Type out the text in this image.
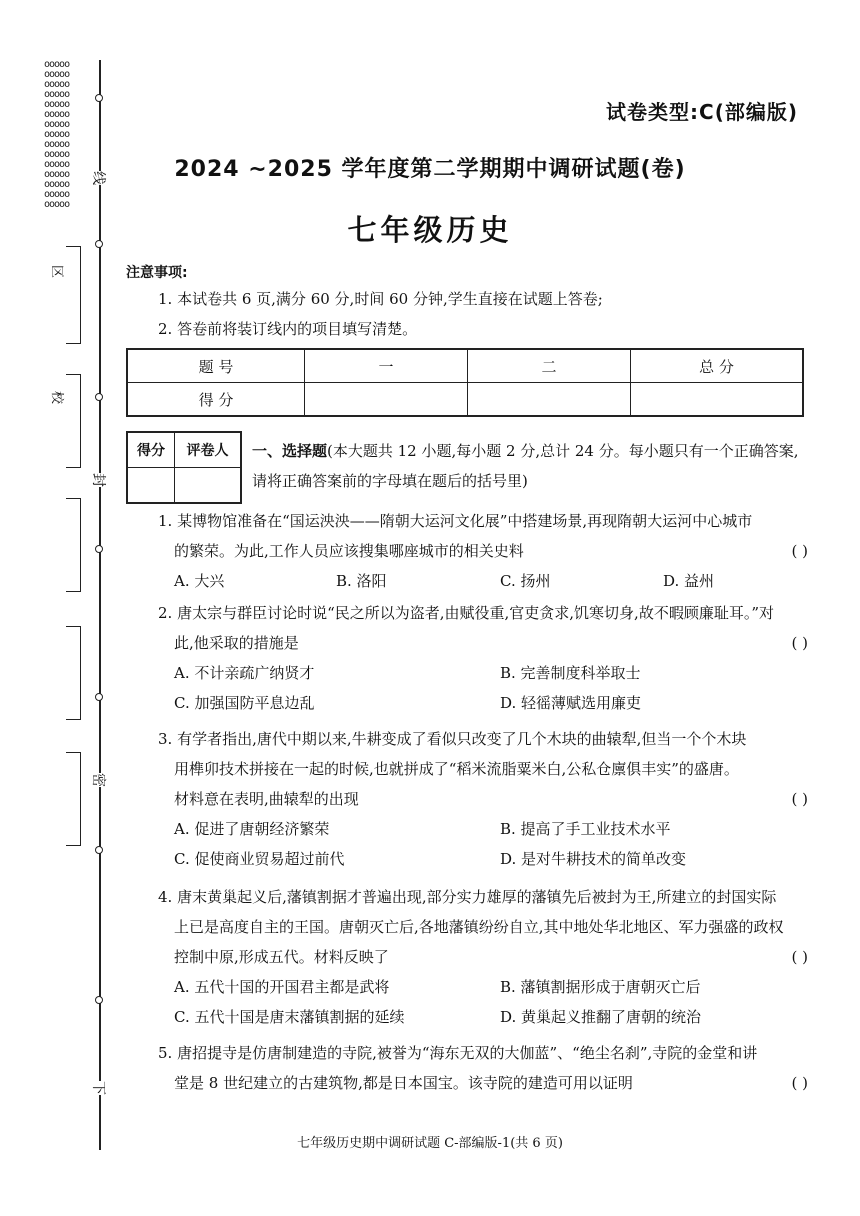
ooooo
ooooo
ooooo
ooooo
ooooo
ooooo
ooooo
ooooo
ooooo
ooooo
ooooo
ooooo
ooooo
ooooo
ooooo
线
封
密
下
区
校
试卷类型:C(部编版)
2024 ~2025 学年度第二学期期中调研试题(卷)
七年级历史
注意事项:
1. 本试卷共 6 页,满分 60 分,时间 60 分钟,学生直接在试题上答卷;
2. 答卷前将装订线内的项目填写清楚。
题 号	一	二	总 分
得 分			
得分	评卷人
	一、选择题(本大题共 12 小题,每小题 2 分,总计 24 分。每小题只有一个正确答案,请将正确答案前的字母填在题后的括号里)
1. 某博物馆准备在“国运泱泱——隋朝大运河文化展”中搭建场景,再现隋朝大运河中心城市
的繁荣。为此,工作人员应该搜集哪座城市的相关史料	( )
A. 大兴	B. 洛阳	C. 扬州	D. 益州
2. 唐太宗与群臣讨论时说“民之所以为盗者,由赋役重,官吏贪求,饥寒切身,故不暇顾廉耻耳。”对
此,他采取的措施是	( )
A. 不计亲疏广纳贤才	B. 完善制度科举取士
C. 加强国防平息边乱	D. 轻徭薄赋选用廉吏
3. 有学者指出,唐代中期以来,牛耕变成了看似只改变了几个木块的曲辕犁,但当一个个木块
用榫卯技术拼接在一起的时候,也就拼成了“稻米流脂粟米白,公私仓廪俱丰实”的盛唐。
材料意在表明,曲辕犁的出现	( )
A. 促进了唐朝经济繁荣	B. 提高了手工业技术水平
C. 促使商业贸易超过前代	D. 是对牛耕技术的简单改变
4. 唐末黄巢起义后,藩镇割据才普遍出现,部分实力雄厚的藩镇先后被封为王,所建立的封国实际
上已是高度自主的王国。唐朝灭亡后,各地藩镇纷纷自立,其中地处华北地区、军力强盛的政权
控制中原,形成五代。材料反映了	( )
A. 五代十国的开国君主都是武将	B. 藩镇割据形成于唐朝灭亡后
C. 五代十国是唐末藩镇割据的延续	D. 黄巢起义推翻了唐朝的统治
5. 唐招提寺是仿唐制建造的寺院,被誉为“海东无双的大伽蓝”、“绝尘名刹”,寺院的金堂和讲
堂是 8 世纪建立的古建筑物,都是日本国宝。该寺院的建造可用以证明	( )
七年级历史期中调研试题 C-部编版-1(共 6 页)
